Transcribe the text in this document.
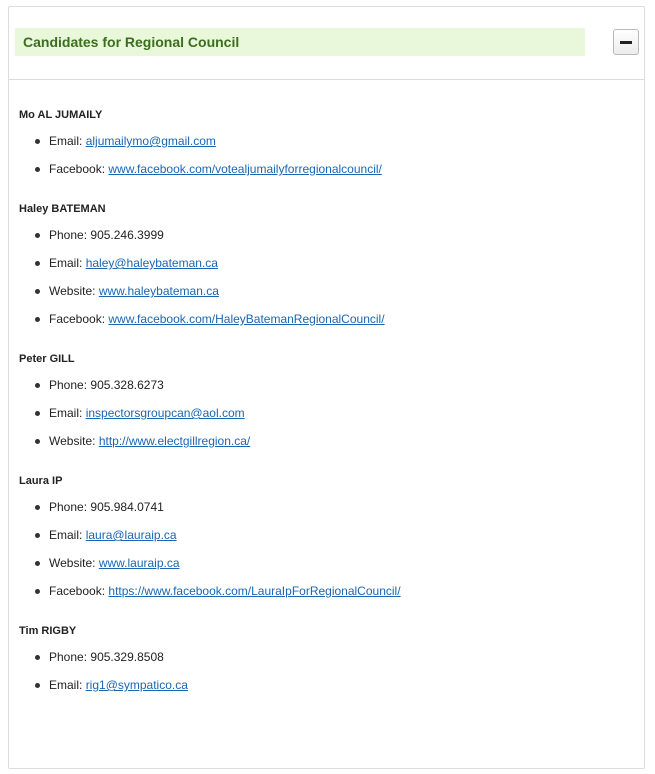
Candidates for Regional Council
Mo AL JUMAILY
Email: aljumailymo@gmail.com
Facebook: www.facebook.com/votealjumailyforregionalcouncil/
Haley BATEMAN
Phone: 905.246.3999
Email: haley@haleybateman.ca
Website: www.haleybateman.ca
Facebook: www.facebook.com/HaleyBatemanRegionalCouncil/
Peter GILL
Phone: 905.328.6273
Email: inspectorsgroupcan@aol.com
Website: http://www.electgillregion.ca/
Laura IP
Phone: 905.984.0741
Email: laura@lauraip.ca
Website: www.lauraip.ca
Facebook: https://www.facebook.com/LauraIpForRegionalCouncil/
Tim RIGBY
Phone: 905.329.8508
Email: rig1@sympatico.ca
